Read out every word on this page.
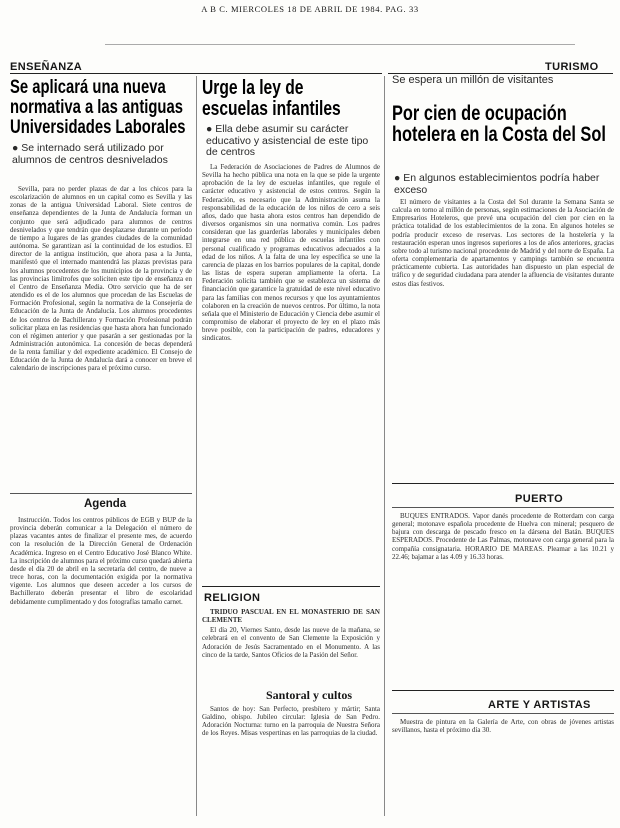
A B C. MIERCOLES 18 DE ABRIL DE 1984. PAG. 33
ENSEÑANZA	TURISMO
Se aplicará una nueva normativa a las antiguas Universidades Laborales
● Se internado será utilizado por alumnos de centros desnivelados

Sevilla, para no perder plazas de dar a los chicos para la escolarización de alumnos en un capital como es Sevilla y las zonas de la antigua Universidad Laboral. Siete centros de enseñanza dependientes de la Junta de Andalucía forman un conjunto que será adjudicado para alumnos de centros desnivelados y que tendrán que desplazarse durante un período de tiempo a lugares de las grandes ciudades de la comunidad autónoma. Se garantizan así la continuidad de los estudios. El director de la antigua institución, que ahora pasa a la Junta, manifestó que el internado mantendrá las plazas previstas para los alumnos procedentes de los municipios de la provincia y de las provincias limítrofes que soliciten este tipo de enseñanza en el Centro de Enseñanza Media. Otro servicio que ha de ser atendido es el de los alumnos que procedan de las Escuelas de Formación Profesional, según la normativa de la Consejería de Educación de la Junta de Andalucía. Los alumnos procedentes de los centros de Bachillerato y Formación Profesional podrán solicitar plaza en las residencias que hasta ahora han funcionado con el régimen anterior y que pasarán a ser gestionadas por la Administración autonómica. La concesión de becas dependerá de la renta familiar y del expediente académico. El Consejo de Educación de la Junta de Andalucía dará a conocer en breve el calendario de inscripciones para el próximo curso.

Agenda

Instrucción. Todos los centros públicos de EGB y BUP de la provincia deberán comunicar a la Delegación el número de plazas vacantes antes de finalizar el presente mes, de acuerdo con la resolución de la Dirección General de Ordenación Académica. Ingreso en el Centro Educativo José Blanco White. La inscripción de alumnos para el próximo curso quedará abierta desde el día 20 de abril en la secretaría del centro, de nueve a trece horas, con la documentación exigida por la normativa vigente. Los alumnos que deseen acceder a los cursos de Bachillerato deberán presentar el libro de escolaridad debidamente cumplimentado y dos fotografías tamaño carnet.

Urge la ley de escuelas infantiles
● Ella debe asumir su carácter educativo y asistencial de este tipo de centros

La Federación de Asociaciones de Padres de Alumnos de Sevilla ha hecho pública una nota en la que se pide la urgente aprobación de la ley de escuelas infantiles, que regule el carácter educativo y asistencial de estos centros. Según la Federación, es necesario que la Administración asuma la responsabilidad de la educación de los niños de cero a seis años, dado que hasta ahora estos centros han dependido de diversos organismos sin una normativa común. Los padres consideran que las guarderías laborales y municipales deben integrarse en una red pública de escuelas infantiles con personal cualificado y programas educativos adecuados a la edad de los niños. A la falta de una ley específica se une la carencia de plazas en los barrios populares de la capital, donde las listas de espera superan ampliamente la oferta. La Federación solicita también que se establezca un sistema de financiación que garantice la gratuidad de este nivel educativo para las familias con menos recursos y que los ayuntamientos colaboren en la creación de nuevos centros. Por último, la nota señala que el Ministerio de Educación y Ciencia debe asumir el compromiso de elaborar el proyecto de ley en el plazo más breve posible, con la participación de padres, educadores y sindicatos.

RELIGION

TRIDUO PASCUAL EN EL MONASTERIO DE SAN CLEMENTE

El día 20, Viernes Santo, desde las nueve de la mañana, se celebrará en el convento de San Clemente la Exposición y Adoración de Jesús Sacramentado en el Monumento. A las cinco de la tarde, Santos Oficios de la Pasión del Señor.

Santoral y cultos

Santos de hoy: San Perfecto, presbítero y mártir; Santa Galdino, obispo. Jubileo circular: Iglesia de San Pedro. Adoración Nocturna: turno en la parroquia de Nuestra Señora de los Reyes. Misas vespertinas en las parroquias de la ciudad.

Se espera un millón de visitantes
Por cien de ocupación hotelera en la Costa del Sol
● En algunos establecimientos podría haber exceso

El número de visitantes a la Costa del Sol durante la Semana Santa se calcula en torno al millón de personas, según estimaciones de la Asociación de Empresarios Hoteleros, que prevé una ocupación del cien por cien en la práctica totalidad de los establecimientos de la zona. En algunos hoteles se podría producir exceso de reservas. Los sectores de la hostelería y la restauración esperan unos ingresos superiores a los de años anteriores, gracias sobre todo al turismo nacional procedente de Madrid y del norte de España. La oferta complementaria de apartamentos y campings también se encuentra prácticamente cubierta. Las autoridades han dispuesto un plan especial de tráfico y de seguridad ciudadana para atender la afluencia de visitantes durante estos días festivos.

PUERTO

BUQUES ENTRADOS. Vapor danés procedente de Rotterdam con carga general; motonave española procedente de Huelva con mineral; pesquero de bajura con descarga de pescado fresco en la dársena del Batán. BUQUES ESPERADOS. Procedente de Las Palmas, motonave con carga general para la compañía consignataria. HORARIO DE MAREAS. Pleamar a las 10.21 y 22.46; bajamar a las 4.09 y 16.33 horas.

ARTE Y ARTISTAS

Muestra de pintura en la Galería de Arte, con obras de jóvenes artistas sevillanos, hasta el próximo día 30.
